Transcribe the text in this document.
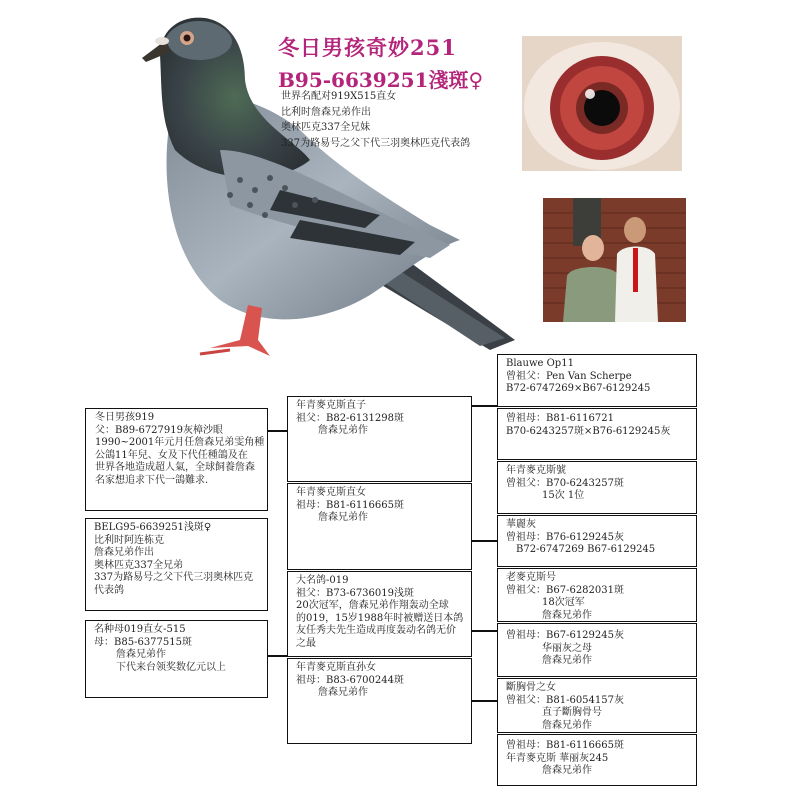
冬日男孩奇妙251
B95-6639251淺斑♀
世界名配对919X515直女
比利时詹森兄弟作出
奥林匹克337全兄妹
337为路易号之父下代三羽奥林匹克代表鸽
冬日男孩919
父：B89-6727919灰樟沙眼
1990~2001年元月任詹森兄弟雯角種
公鴿11年兒、女及下代任種鴿及在
世界各地造成超人氣，全球飼養詹森
名家想追求下代一鴿難求.
BELG95-6639251浅斑♀
比利时阿连栋克
詹森兄弟作出
奥林匹克337全兄弟
337为路易号之父下代三羽奥林匹克
代表鸽
名种母019直女-515
母：B85-6377515斑
詹森兄弟作
下代来台领奖数亿元以上
年青麥克斯直子
祖父：B82-6131298斑
詹森兄弟作
年青麥克斯直女
祖母：B81-6116665斑
詹森兄弟作
大名鸽-019
祖父：B73-6736019浅斑
20次冠军，詹森兄弟作翔轰动全球
的019，15岁1988年时被赠送日本鸽
友任秀夫先生造成再度轰动名鸽无价
之最
年青麥克斯直孙女
祖母：B83-6700244斑
詹森兄弟作
Blauwe Op11
曾祖父：Pen Van Scherpe
B72-6747269×B67-6129245
曾祖母：B81-6116721
B70-6243257斑×B76-6129245灰
年青麥克斯號
曾祖父：B70-6243257斑
15次 1位
華麗灰
曾祖母：B76-6129245灰
B72-6747269 B67-6129245
老麥克斯号
曾祖父：B67-6282031斑
18次冠军
詹森兄弟作
曾祖母：B67-6129245灰
华丽灰之母
詹森兄弟作
斷胸骨之女
曾祖父：B81-6054157灰
直子斷胸骨号
詹森兄弟作
曾祖母：B81-6116665斑
年青麥克斯 華丽灰245
詹森兄弟作
